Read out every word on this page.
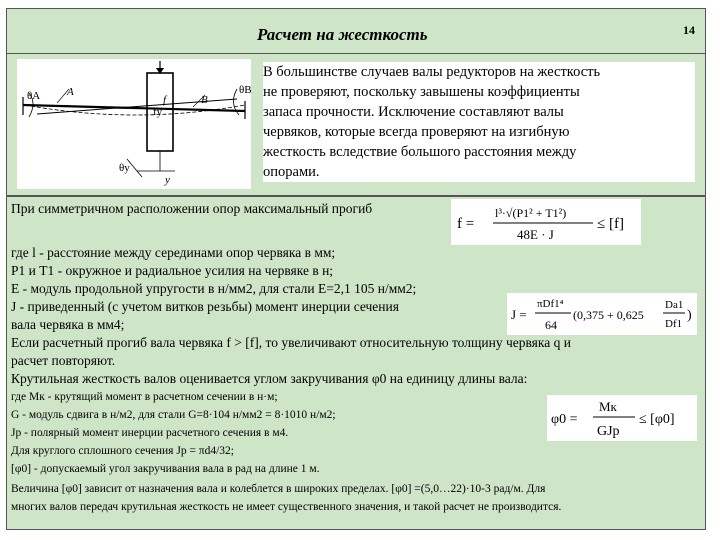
Расчет на жесткость	14
θA А
В
θB
f
fy
θy
y
В большинстве случаев валы редукторов на жесткость
не проверяют, поскольку завышены коэффициенты
запаса прочности. Исключение составляют валы
червяков, которые всегда проверяют на изгибную
жесткость вследствие большого расстояния между
опорами.
При симметричном расположении опор максимальный прогиб
f =
l³·√(P1² + T1²)
48E · J
≤ [f]
где l - расстояние между серединами опор червяка в мм;
P1 и T1 - окружное и радиальное усилия на червяке в н;
E - модуль продольной упругости в н/мм2, для стали E=2,1 105 н/мм2;
J =
πDf1⁴
64
(0,375 + 0,625
Da1
Df1
)
J - приведенный (с учетом витков резьбы) момент инерции сечения
вала червяка в мм4;
Если расчетный прогиб вала червяка f > [f], то увеличивают относительную толщину червяка q и
расчет повторяют.
Крутильная жесткость валов оценивается углом закручивания φ0 на единицу длины вала:
где Мк - крутящий момент в расчетном сечении в н·м;
φ0 =
Mк
GJp
≤ [φ0]
G - модуль сдвига в н/м2, для стали G=8·104 н/мм2 = 8·1010 н/м2;
Jp - полярный момент инерции расчетного сечения в м4.
Для круглого сплошного сечения Jp = πd4/32;
[φ0] - допускаемый угол закручивания вала в рад на длине 1 м.
Величина [φ0] зависит от назначения вала и колеблется в широких пределах. [φ0] =(5,0…22)·10-3 рад/м. Для
многих валов передач крутильная жесткость не имеет существенного значения, и такой расчет не производится.
